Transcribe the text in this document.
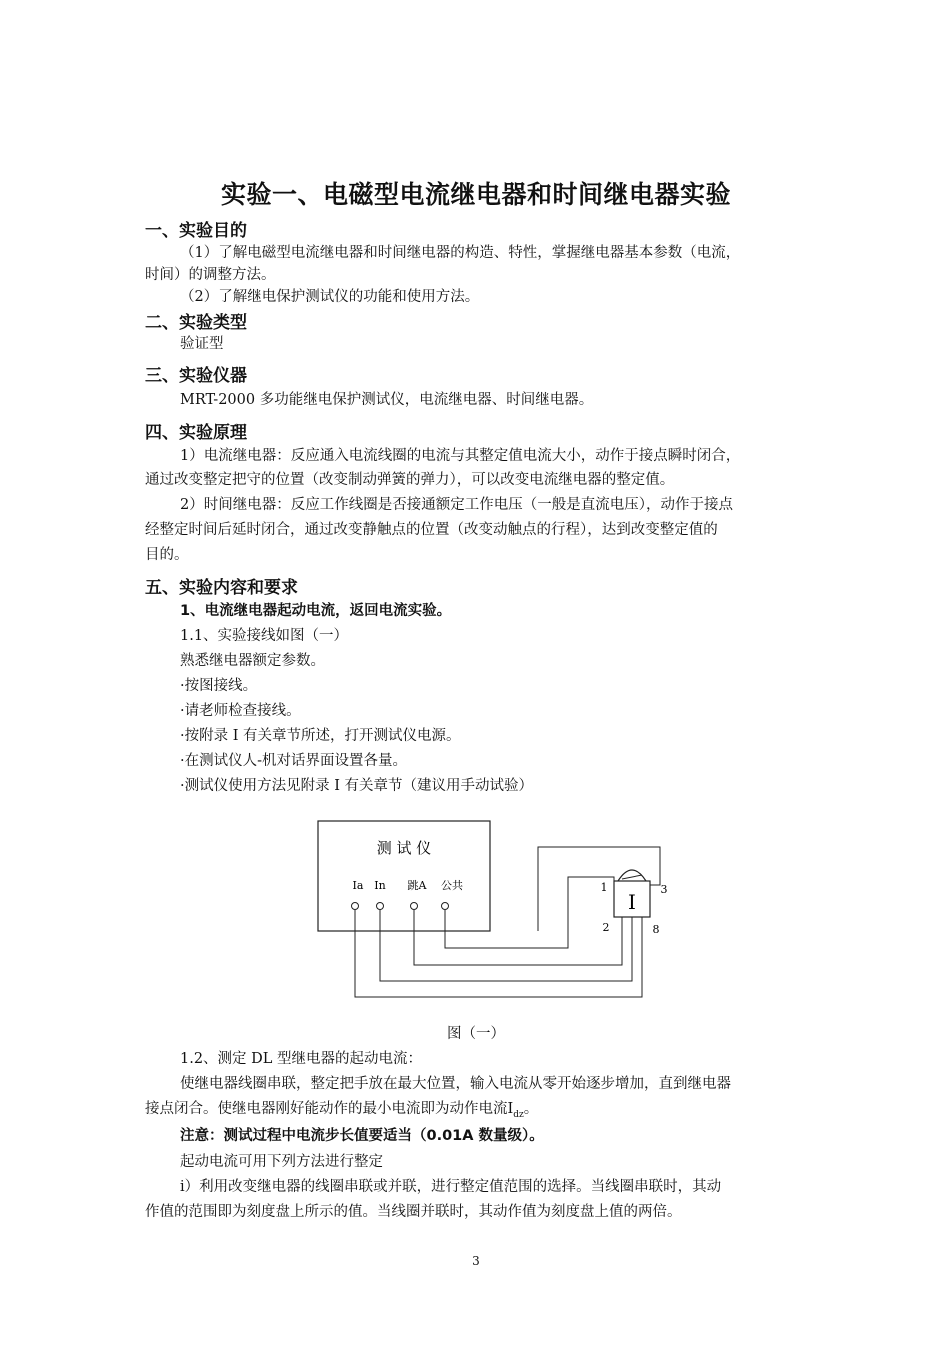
实验一、电磁型电流继电器和时间继电器实验
一、实验目的
（1）了解电磁型电流继电器和时间继电器的构造、特性，掌握继电器基本参数（电流，
时间）的调整方法。
（2）了解继电保护测试仪的功能和使用方法。
二、实验类型
验证型
三、实验仪器
MRT-2000 多功能继电保护测试仪，电流继电器、时间继电器。
四、实验原理
1）电流继电器：反应通入电流线圈的电流与其整定值电流大小，动作于接点瞬时闭合，
通过改变整定把守的位置（改变制动弹簧的弹力），可以改变电流继电器的整定值。
2）时间继电器：反应工作线圈是否接通额定工作电压（一般是直流电压），动作于接点
经整定时间后延时闭合，通过改变静触点的位置（改变动触点的行程），达到改变整定值的
目的。
五、实验内容和要求
1、电流继电器起动电流，返回电流实验。
1.1、实验接线如图（一）
熟悉继电器额定参数。
·按图接线。
·请老师检查接线。
·按附录 I 有关章节所述，打开测试仪电源。
·在测试仪人-机对话界面设置各量。
·测试仪使用方法见附录 I 有关章节（建议用手动试验）
测 试 仪
Ia In 跳A 公共
I
1	3
2	8
图（一）
1.2、测定 DL 型继电器的起动电流：
使继电器线圈串联，整定把手放在最大位置，输入电流从零开始逐步增加，直到继电器
接点闭合。使继电器刚好能动作的最小电流即为动作电流$I_{dz}$。
注意：测试过程中电流步长值要适当（0.01A 数量级）。
起动电流可用下列方法进行整定
i）利用改变继电器的线圈串联或并联，进行整定值范围的选择。当线圈串联时，其动
作值的范围即为刻度盘上所示的值。当线圈并联时，其动作值为刻度盘上值的两倍。
3
